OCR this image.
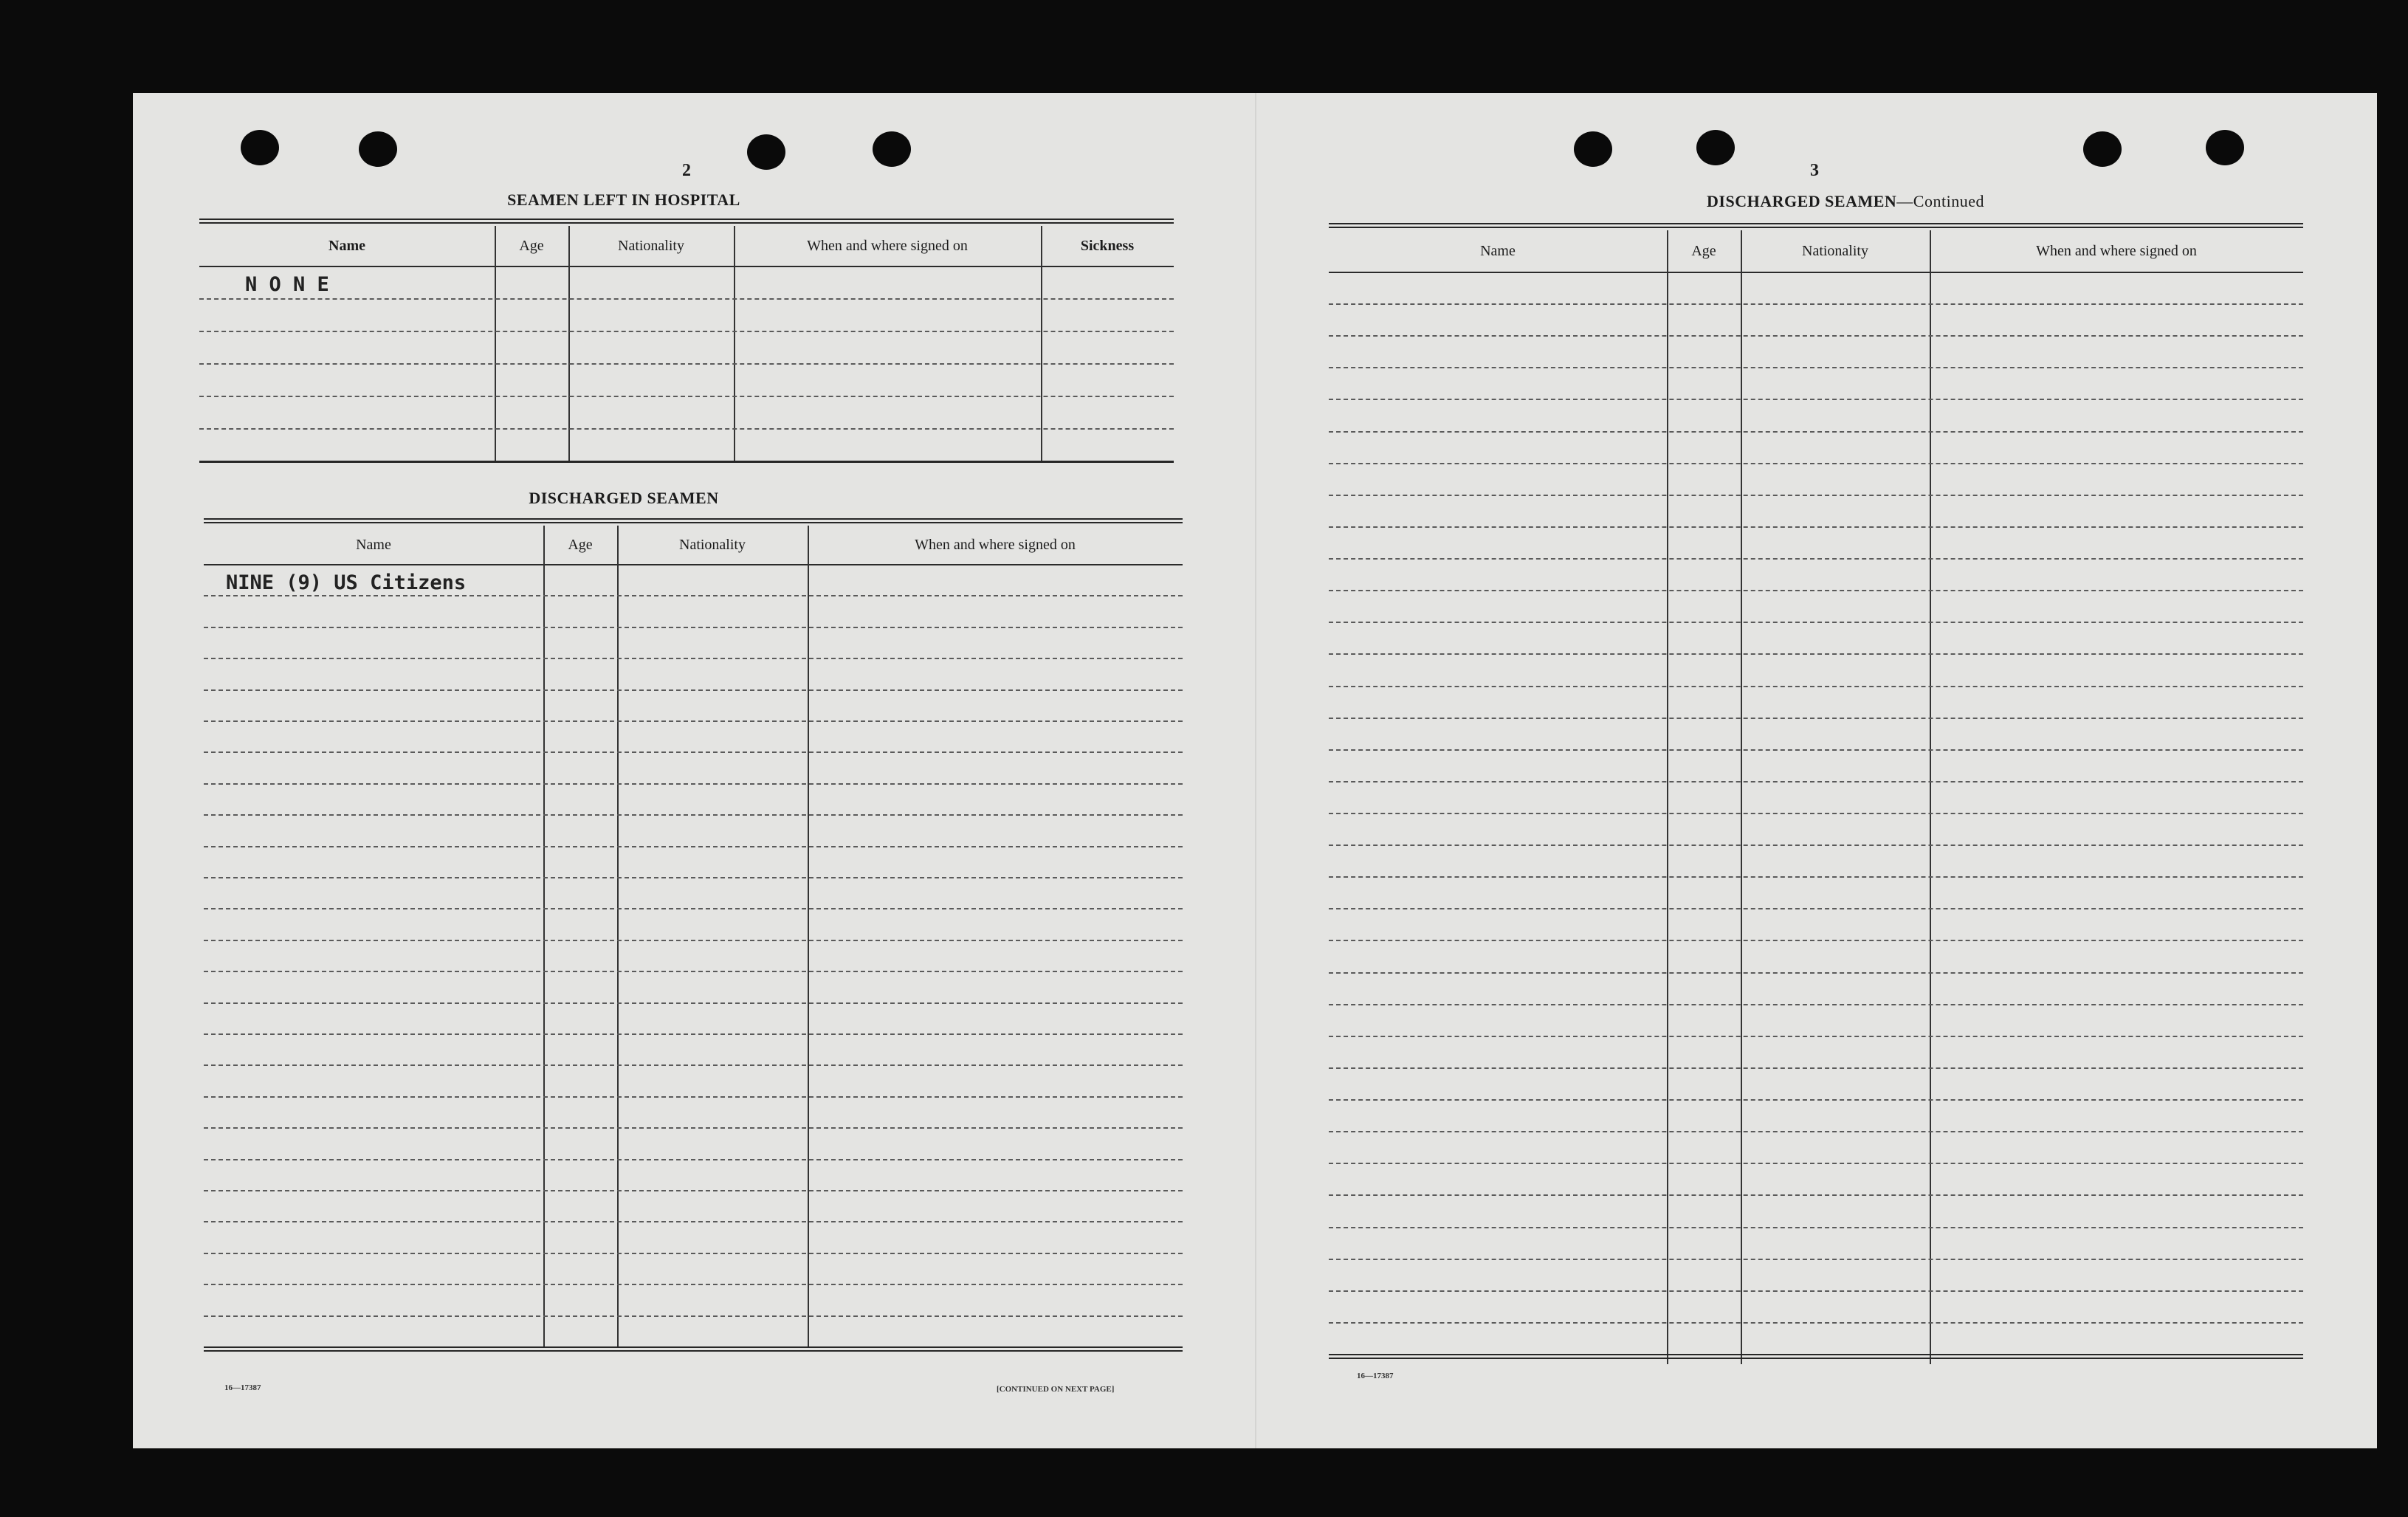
2
SEAMEN LEFT IN HOSPITAL
Name	Age	Nationality	When and where signed on	Sickness
N O N E
DISCHARGED SEAMEN
Name	Age	Nationality	When and where signed on
NINE (9) US Citizens
16—17387	[CONTINUED ON NEXT PAGE]
3
DISCHARGED SEAMEN—Continued
Name	Age	Nationality	When and where signed on
16—17387
